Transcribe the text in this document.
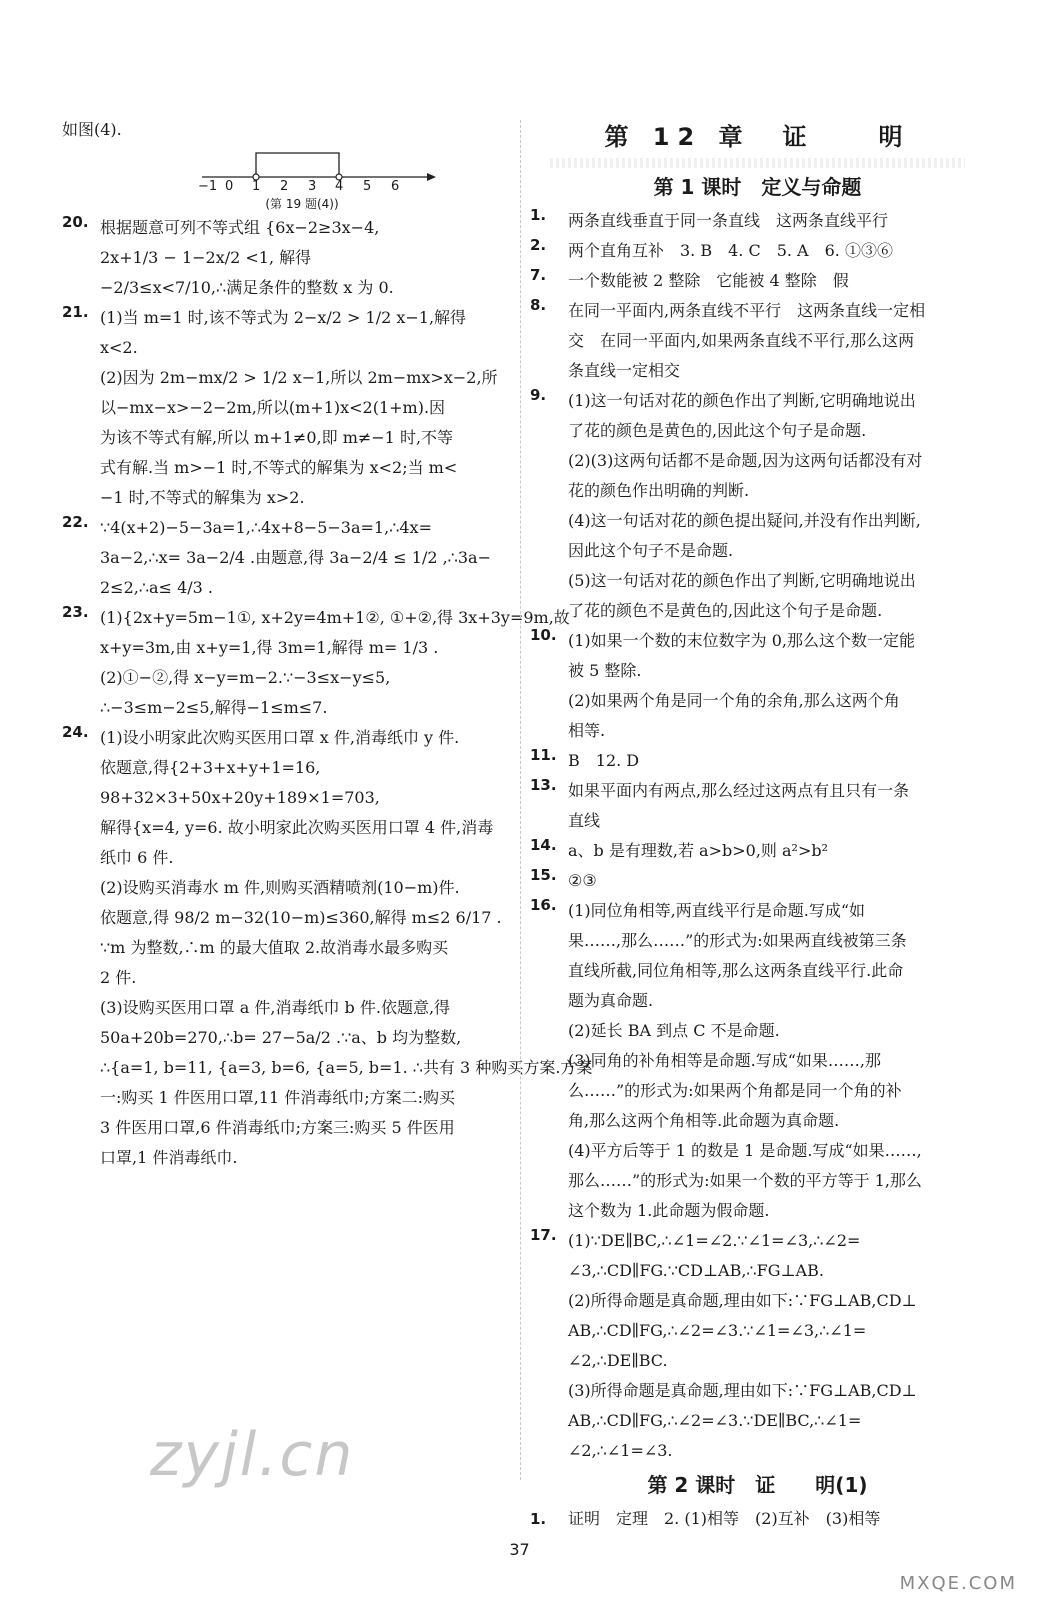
如图(4).
−1 0 1 2 3 4 5 6
(第 19 题(4))
20. 根据题意可列不等式组 {6x−2≥3x−4,
2x+1/3 − 1−2x/2 <1, 解得
−2/3≤x<7/10,∴满足条件的整数 x 为 0.
21. (1)当 m=1 时,该不等式为 2−x/2 > 1/2 x−1,解得
x<2.
(2)因为 2m−mx/2 > 1/2 x−1,所以 2m−mx>x−2,所
以−mx−x>−2−2m,所以(m+1)x<2(1+m).因
为该不等式有解,所以 m+1≠0,即 m≠−1 时,不等
式有解.当 m>−1 时,不等式的解集为 x<2;当 m<
−1 时,不等式的解集为 x>2.
22. ∵4(x+2)−5−3a=1,∴4x+8−5−3a=1,∴4x=
3a−2,∴x= 3a−2/4 .由题意,得 3a−2/4 ≤ 1/2 ,∴3a−
2≤2,∴a≤ 4/3 .
23. (1){2x+y=5m−1①, x+2y=4m+1②, ①+②,得 3x+3y=9m,故
x+y=3m,由 x+y=1,得 3m=1,解得 m= 1/3 .
(2)①−②,得 x−y=m−2.∵−3≤x−y≤5,
∴−3≤m−2≤5,解得−1≤m≤7.
24. (1)设小明家此次购买医用口罩 x 件,消毒纸巾 y 件.
依题意,得{2+3+x+y+1=16,
98+32×3+50x+20y+189×1=703,
解得{x=4, y=6. 故小明家此次购买医用口罩 4 件,消毒
纸巾 6 件.
(2)设购买消毒水 m 件,则购买酒精喷剂(10−m)件.
依题意,得 98/2 m−32(10−m)≤360,解得 m≤2 6/17 .
∵m 为整数,∴m 的最大值取 2.故消毒水最多购买
2 件.
(3)设购买医用口罩 a 件,消毒纸巾 b 件.依题意,得
50a+20b=270,∴b= 27−5a/2 .∵a、b 均为整数,
∴{a=1, b=11, {a=3, b=6, {a=5, b=1. ∴共有 3 种购买方案.方案
一:购买 1 件医用口罩,11 件消毒纸巾;方案二:购买
3 件医用口罩,6 件消毒纸巾;方案三:购买 5 件医用
口罩,1 件消毒纸巾.
第 12 章　证　　明
第 1 课时　定义与命题
1. 两条直线垂直于同一条直线　这两条直线平行
2. 两个直角互补　3. B　4. C　5. A　6. ①③⑥
7. 一个数能被 2 整除　它能被 4 整除　假
8. 在同一平面内,两条直线不平行　这两条直线一定相
交　在同一平面内,如果两条直线不平行,那么这两
条直线一定相交
9. (1)这一句话对花的颜色作出了判断,它明确地说出
了花的颜色是黄色的,因此这个句子是命题.
(2)(3)这两句话都不是命题,因为这两句话都没有对
花的颜色作出明确的判断.
(4)这一句话对花的颜色提出疑问,并没有作出判断,
因此这个句子不是命题.
(5)这一句话对花的颜色作出了判断,它明确地说出
了花的颜色不是黄色的,因此这个句子是命题.
10. (1)如果一个数的末位数字为 0,那么这个数一定能
被 5 整除.
(2)如果两个角是同一个角的余角,那么这两个角
相等.
11. B　12. D
13. 如果平面内有两点,那么经过这两点有且只有一条
直线
14. a、b 是有理数,若 a>b>0,则 a²>b²
15. ②③
16. (1)同位角相等,两直线平行是命题.写成“如
果……,那么……”的形式为:如果两直线被第三条
直线所截,同位角相等,那么这两条直线平行.此命
题为真命题.
(2)延长 BA 到点 C 不是命题.
(3)同角的补角相等是命题.写成“如果……,那
么……”的形式为:如果两个角都是同一个角的补
角,那么这两个角相等.此命题为真命题.
(4)平方后等于 1 的数是 1 是命题.写成“如果……,
那么……”的形式为:如果一个数的平方等于 1,那么
这个数为 1.此命题为假命题.
17. (1)∵DE∥BC,∴∠1=∠2.∵∠1=∠3,∴∠2=
∠3,∴CD∥FG.∵CD⊥AB,∴FG⊥AB.
(2)所得命题是真命题,理由如下:∵FG⊥AB,CD⊥
AB,∴CD∥FG,∴∠2=∠3.∵∠1=∠3,∴∠1=
∠2,∴DE∥BC.
(3)所得命题是真命题,理由如下:∵FG⊥AB,CD⊥
AB,∴CD∥FG,∴∠2=∠3.∵DE∥BC,∴∠1=
∠2,∴∠1=∠3.
第 2 课时　证　　明(1)
1. 证明　定理　2. (1)相等　(2)互补　(3)相等
37
zyjl.cn
MXQE.COM
